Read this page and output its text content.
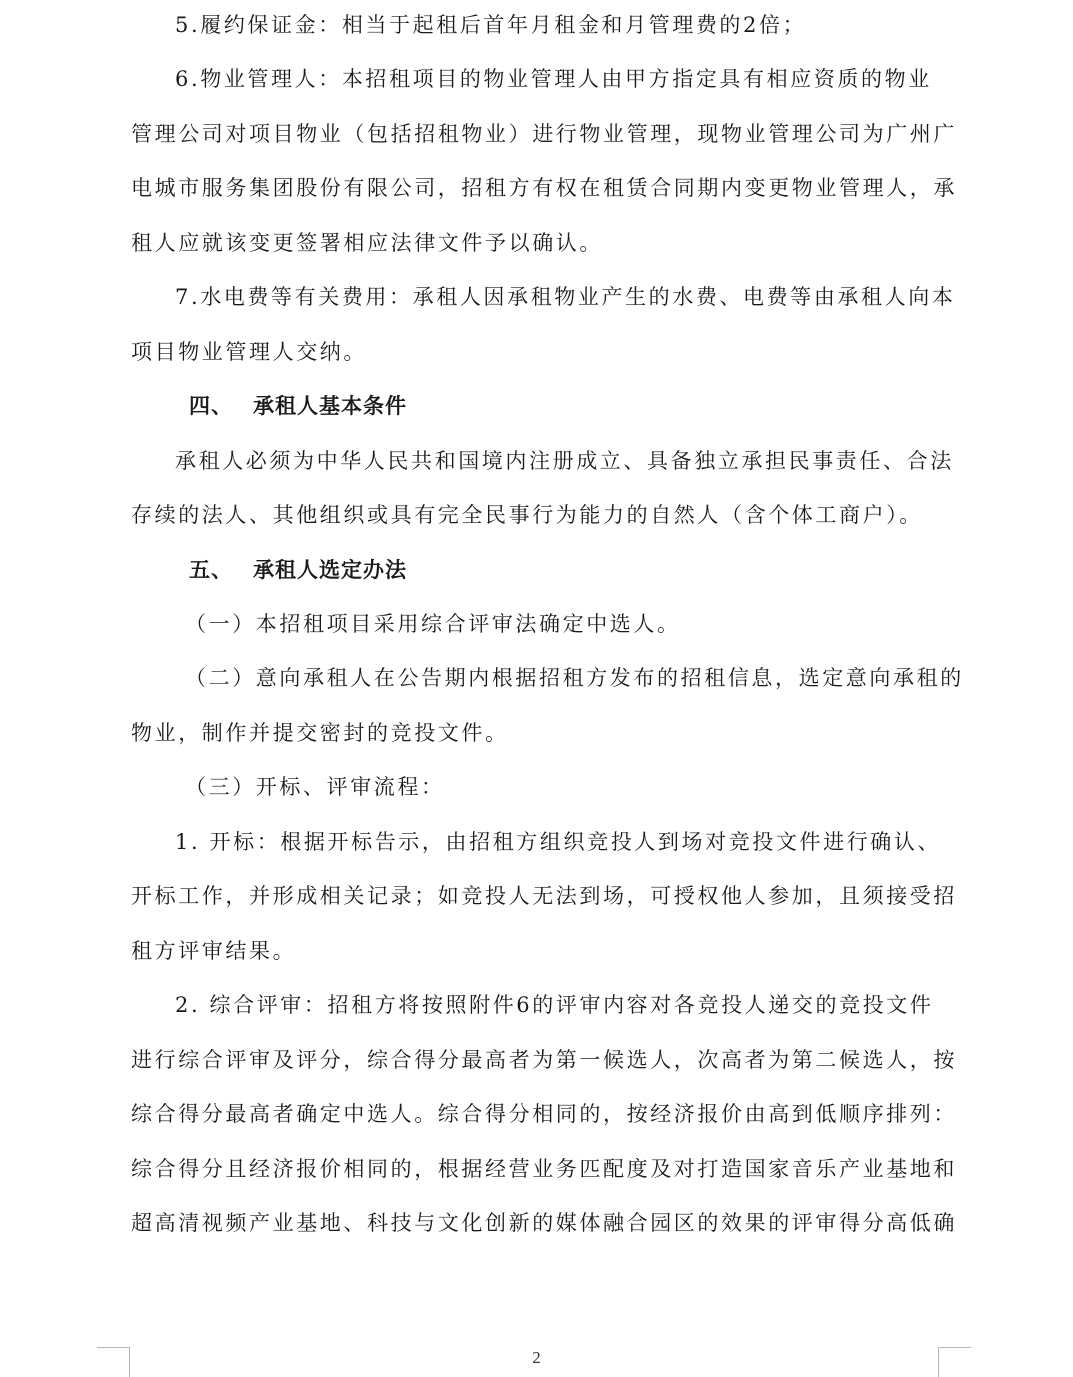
5.履约保证金：相当于起租后首年月租金和月管理费的2倍；
6.物业管理人：本招租项目的物业管理人由甲方指定具有相应资质的物业
管理公司对项目物业（包括招租物业）进行物业管理，现物业管理公司为广州广
电城市服务集团股份有限公司，招租方有权在租赁合同期内变更物业管理人，承
租人应就该变更签署相应法律文件予以确认。
7.水电费等有关费用：承租人因承租物业产生的水费、电费等由承租人向本
项目物业管理人交纳。
四、 承租人基本条件
承租人必须为中华人民共和国境内注册成立、具备独立承担民事责任、合法
存续的法人、其他组织或具有完全民事行为能力的自然人（含个体工商户）。
五、 承租人选定办法
（一）本招租项目采用综合评审法确定中选人。
（二）意向承租人在公告期内根据招租方发布的招租信息，选定意向承租的
物业，制作并提交密封的竞投文件。
（三）开标、评审流程：
1. 开标：根据开标告示，由招租方组织竞投人到场对竞投文件进行确认、
开标工作，并形成相关记录；如竞投人无法到场，可授权他人参加，且须接受招
租方评审结果。
2. 综合评审：招租方将按照附件6的评审内容对各竞投人递交的竞投文件
进行综合评审及评分，综合得分最高者为第一候选人，次高者为第二候选人，按
综合得分最高者确定中选人。综合得分相同的，按经济报价由高到低顺序排列：
综合得分且经济报价相同的，根据经营业务匹配度及对打造国家音乐产业基地和
超高清视频产业基地、科技与文化创新的媒体融合园区的效果的评审得分高低确
2
